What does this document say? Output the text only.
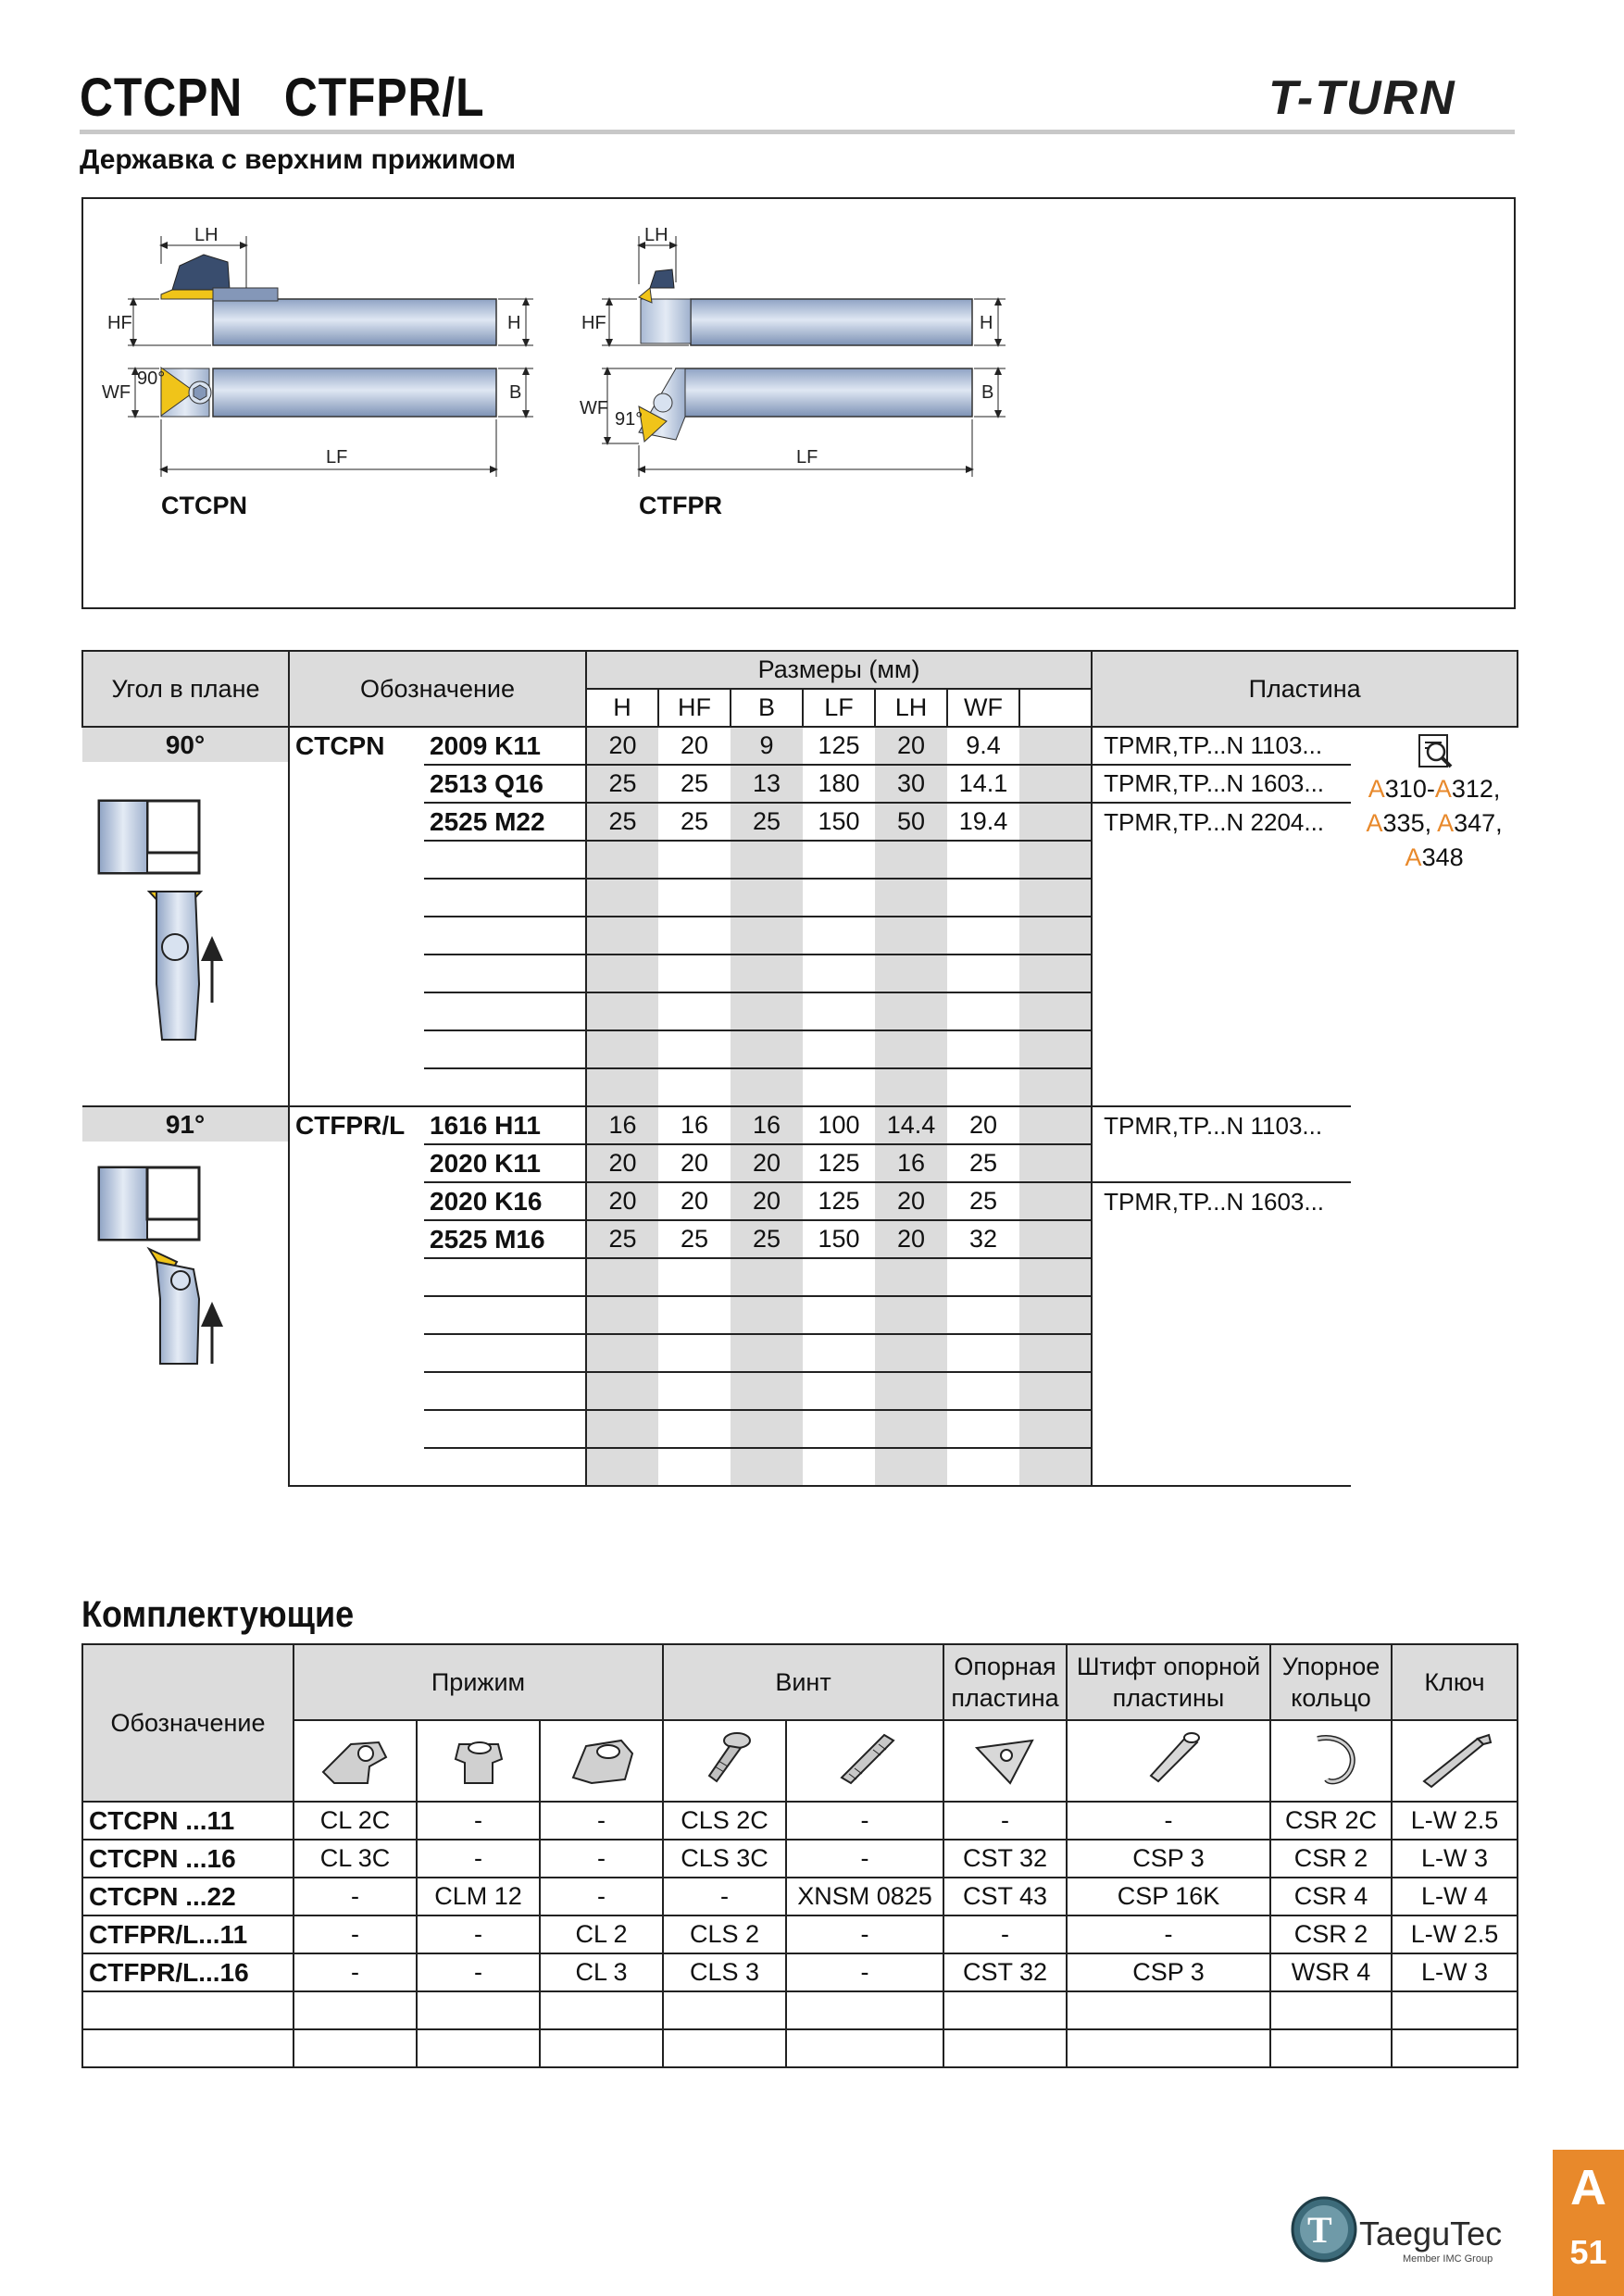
CTCPN CTFPR/L	T-TURN
Державка с верхним прижимом
LH
HF	H
WF
90°
B
LF
CTCPN
LH
HF	H
WF
91°
B
LF
CTFPR
Угол в плане	Обозначение		Размеры (мм)							Пластина	
			H	HF	B	LF	LH	WF			

90°	CTCPN	2009 K11	20	20	9	125	20	9.4		TPMR,TP...N 1103...	A310-A312,
A335, A347,
A348
		2513 Q16	25	25	13	180	30	14.1		TPMR,TP...N 1603...	
		2525 M22	25	25	25	150	50	19.4		TPMR,TP...N 2204...	

91°	CTFPR/L	1616 H11	16	16	16	100	14.4	20		TPMR,TP...N 1103...	
		2020 K11	20	20	20	125	16	25			
		2020 K16	20	20	20	125	20	25		TPMR,TP...N 1603...	
		2525 M16	25	25	25	150	20	32			

Комплектующие
Обозначение	Прижим			Винт		Опорная пластина	Штифт опорной пластины	Упорное кольцо	Ключ

CTCPN ...11	CL 2C	-	-	CLS 2C	-	-	-	CSR 2C	L-W 2.5
CTCPN ...16	CL 3C	-	-	CLS 3C	-	CST 32	CSP 3	CSR 2	L-W 3
CTCPN ...22	-	CLM 12	-	-	XNSM 0825	CST 43	CSP 16K	CSR 4	L-W 4
CTFPR/L...11	-	-	CL 2	CLS 2	-	-	-	CSR 2	L-W 2.5
CTFPR/L...16	-	-	CL 3	CLS 3	-	CST 32	CSP 3	WSR 4	L-W 3

T TaeguTec
Member IMC Group
A
51
